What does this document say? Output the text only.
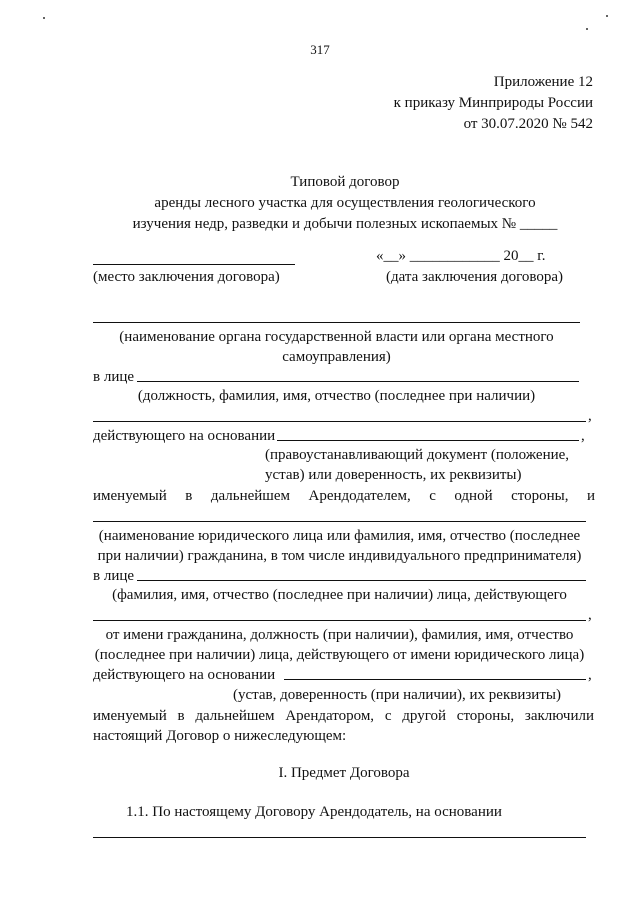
317
Приложение 12
к приказу Минприроды России
от 30.07.2020 № 542
Типовой договор
аренды лесного участка для осуществления геологического
изучения недр, разведки и добычи полезных ископаемых № _____
«__» ____________ 20__ г.
(место заключения договора)	(дата заключения договора)
(наименование органа государственной власти или органа местного
самоуправления)
в лице
(должность, фамилия, имя, отчество (последнее при наличии)
,
действующего на основании	,
(правоустанавливающий документ (положение,
устав) или доверенность, их реквизиты)
именуемый в дальнейшем Арендодателем, с одной стороны, и
(наименование юридического лица или фамилия, имя, отчество (последнее
при наличии) гражданина, в том числе индивидуального предпринимателя)
в лице
(фамилия, имя, отчество (последнее при наличии) лица, действующего
,
от имени гражданина, должность (при наличии), фамилия, имя, отчество
(последнее при наличии) лица, действующего от имени юридического лица)
действующего на основании	,
(устав, доверенность (при наличии), их реквизиты)
именуемый в дальнейшем Арендатором, с другой стороны, заключили
настоящий Договор о нижеследующем:
I. Предмет Договора
1.1. По настоящему Договору Арендодатель, на основании
